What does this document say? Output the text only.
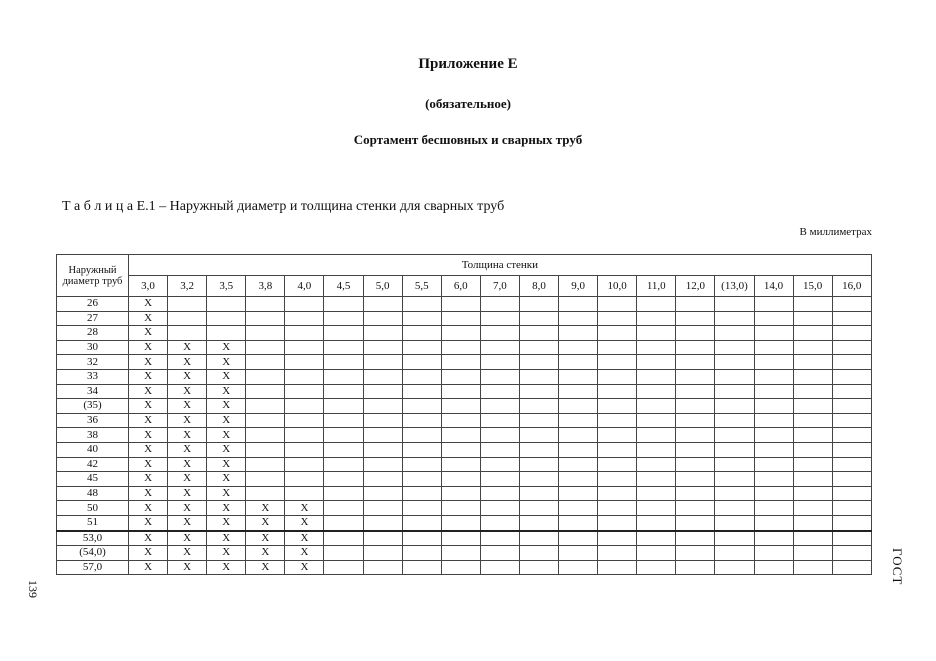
Приложение Е
(обязательное)
Сортамент бесшовных и сварных труб
Т а б л и ц а Е.1 – Наружный диаметр и толщина стенки для сварных труб
В миллиметрах
Наружный диаметр труб	Толщина стенки																		
	3,0	3,2	3,5	3,8	4,0	4,5	5,0	5,5	6,0	7,0	8,0	9,0	10,0	11,0	12,0	(13,0)	14,0	15,0	16,0
26	X																		
27	X																		
28	X																		
30	X	X	X																
32	X	X	X																
33	X	X	X																
34	X	X	X																
(35)	X	X	X																
36	X	X	X																
38	X	X	X																
40	X	X	X																
42	X	X	X																
45	X	X	X																
48	X	X	X																
50	X	X	X	X	X														
51	X	X	X	X	X														
53,0	X	X	X	X	X														
(54,0)	X	X	X	X	X														
57,0	X	X	X	X	X														
139
ГОСТ
